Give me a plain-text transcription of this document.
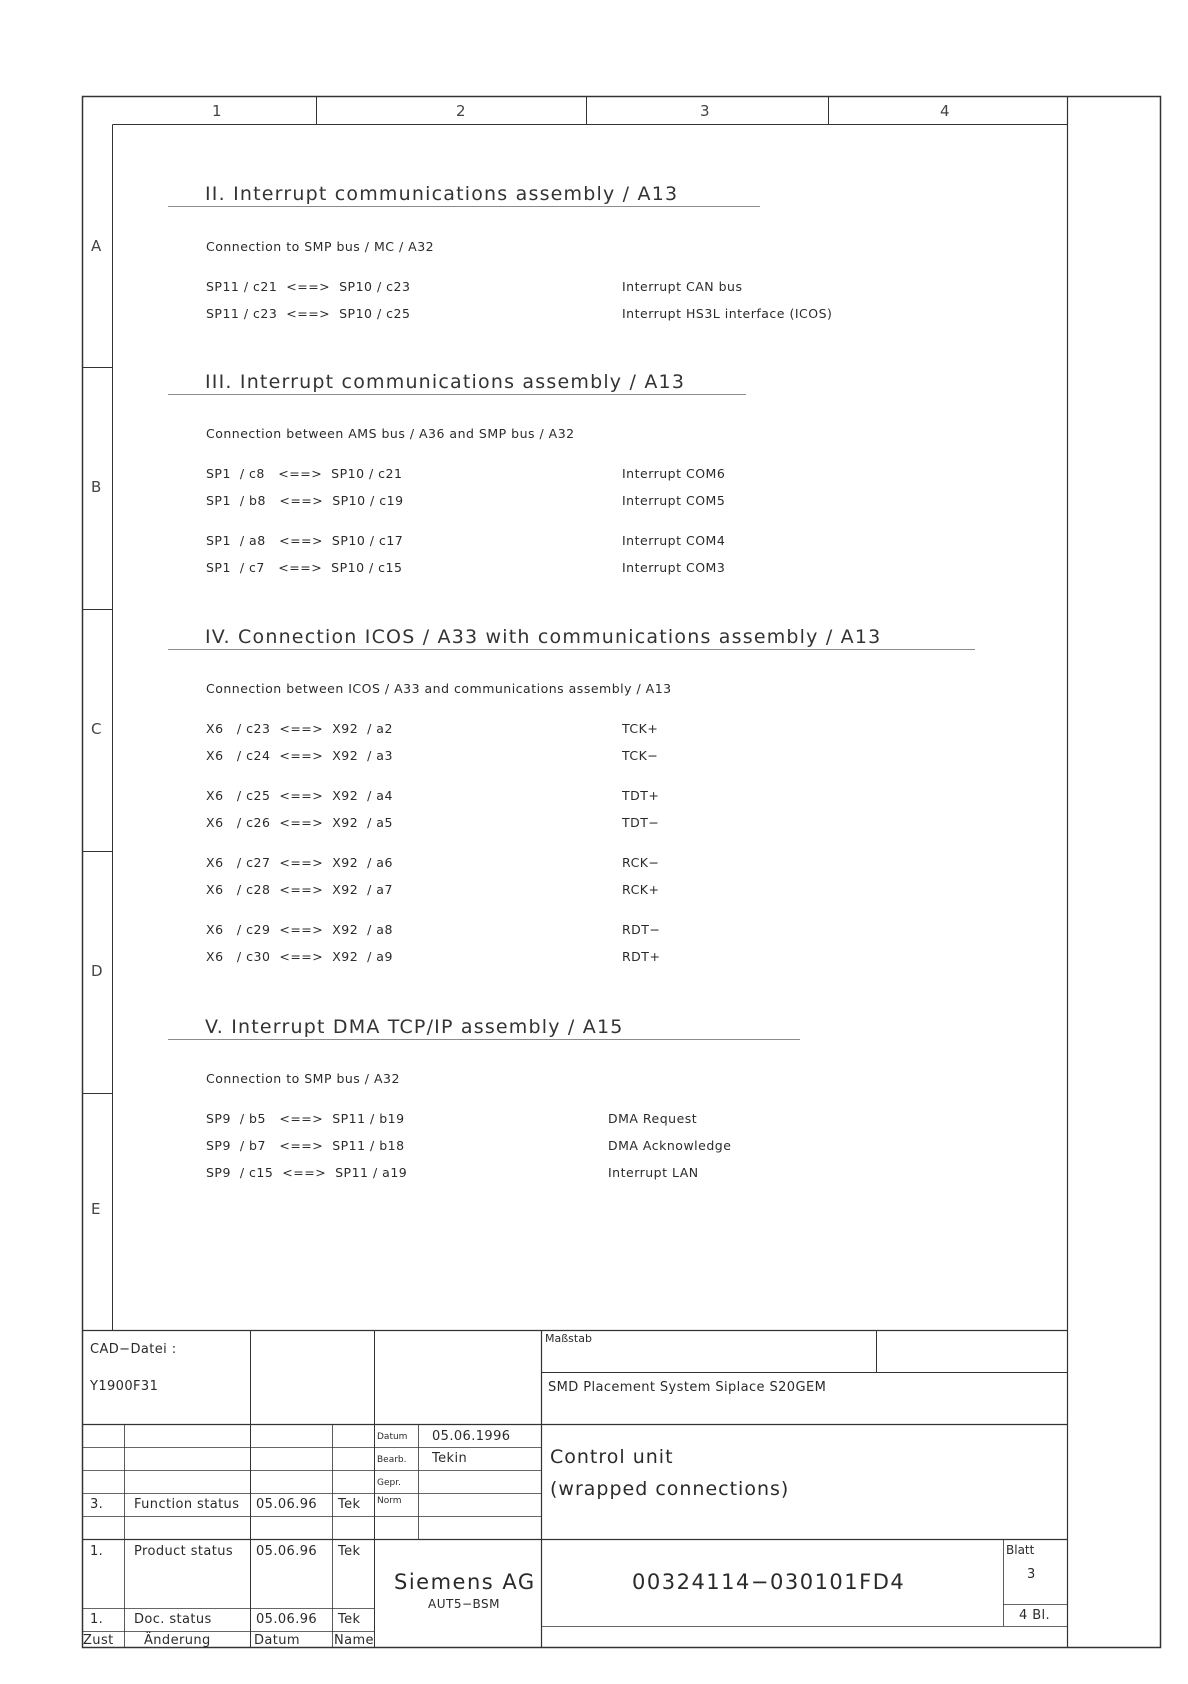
1	2	3	4
A
B
C
D
E
II. Interrupt communications assembly / A13
Connection to SMP bus / MC / A32
SP11 / c21  <==>  SP10 / c23	Interrupt CAN bus
SP11 / c23  <==>  SP10 / c25	Interrupt HS3L interface (ICOS)
III. Interrupt communications assembly / A13
Connection between AMS bus / A36 and SMP bus / A32
SP1  / c8   <==>  SP10 / c21	Interrupt COM6
SP1  / b8   <==>  SP10 / c19	Interrupt COM5
SP1  / a8   <==>  SP10 / c17	Interrupt COM4
SP1  / c7   <==>  SP10 / c15	Interrupt COM3
IV. Connection ICOS / A33 with communications assembly / A13
Connection between ICOS / A33 and communications assembly / A13
X6   / c23  <==>  X92  / a2	TCK+
X6   / c24  <==>  X92  / a3	TCK−
X6   / c25  <==>  X92  / a4	TDT+
X6   / c26  <==>  X92  / a5	TDT−
X6   / c27  <==>  X92  / a6	RCK−
X6   / c28  <==>  X92  / a7	RCK+
X6   / c29  <==>  X92  / a8	RDT−
X6   / c30  <==>  X92  / a9	RDT+
V. Interrupt DMA TCP/IP assembly / A15
Connection to SMP bus / A32
SP9  / b5   <==>  SP11 / b19	DMA Request
SP9  / b7   <==>  SP11 / b18	DMA Acknowledge
SP9  / c15  <==>  SP11 / a19	Interrupt LAN
CAD−Datei :
Y1900F31
Maßstab
SMD Placement System Siplace S20GEM
Datum 05.06.1996
Bearb. Tekin
Gepr.
Norm
Control unit
(wrapped connections)
3. Function status 05.06.96 Tek
1. Product status 05.06.96 Tek
1. Doc. status	05.06.96 Tek
Zust Änderung	Datum	Name
Siemens AG
AUT5−BSM
00324114−030101FD4
Blatt
3
4 Bl.
